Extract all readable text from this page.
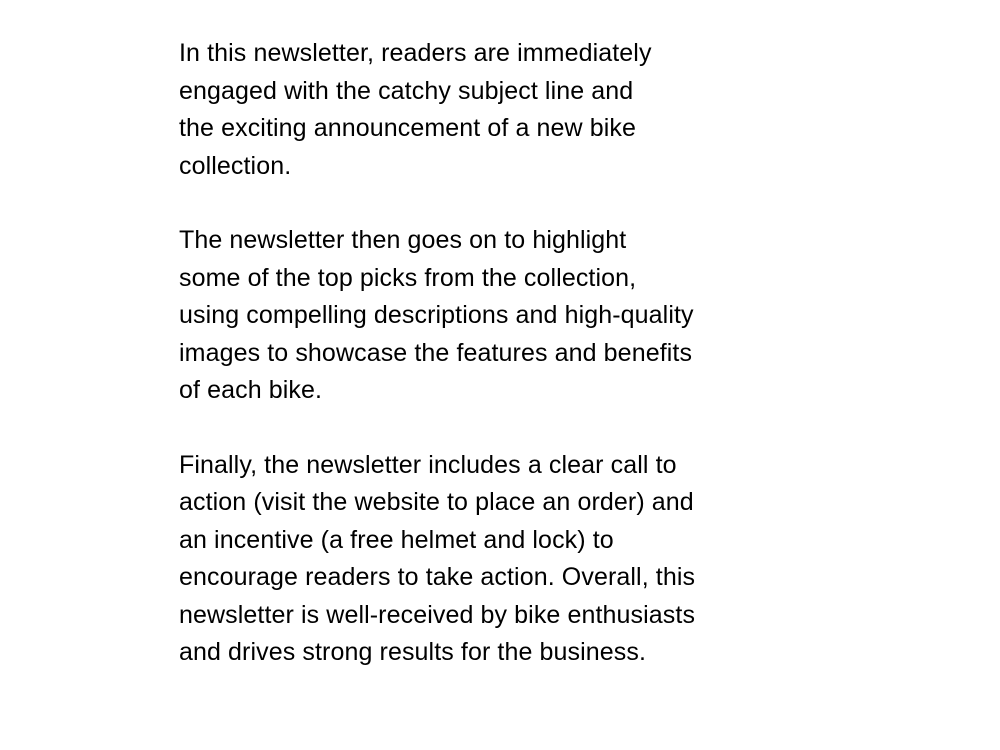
In this newsletter, readers are immediately
engaged with the catchy subject line and
the exciting announcement of a new bike
collection.

The newsletter then goes on to highlight
some of the top picks from the collection,
using compelling descriptions and high-quality
images to showcase the features and benefits
of each bike.

Finally, the newsletter includes a clear call to
action (visit the website to place an order) and
an incentive (a free helmet and lock) to
encourage readers to take action. Overall, this
newsletter is well-received by bike enthusiasts
and drives strong results for the business.
